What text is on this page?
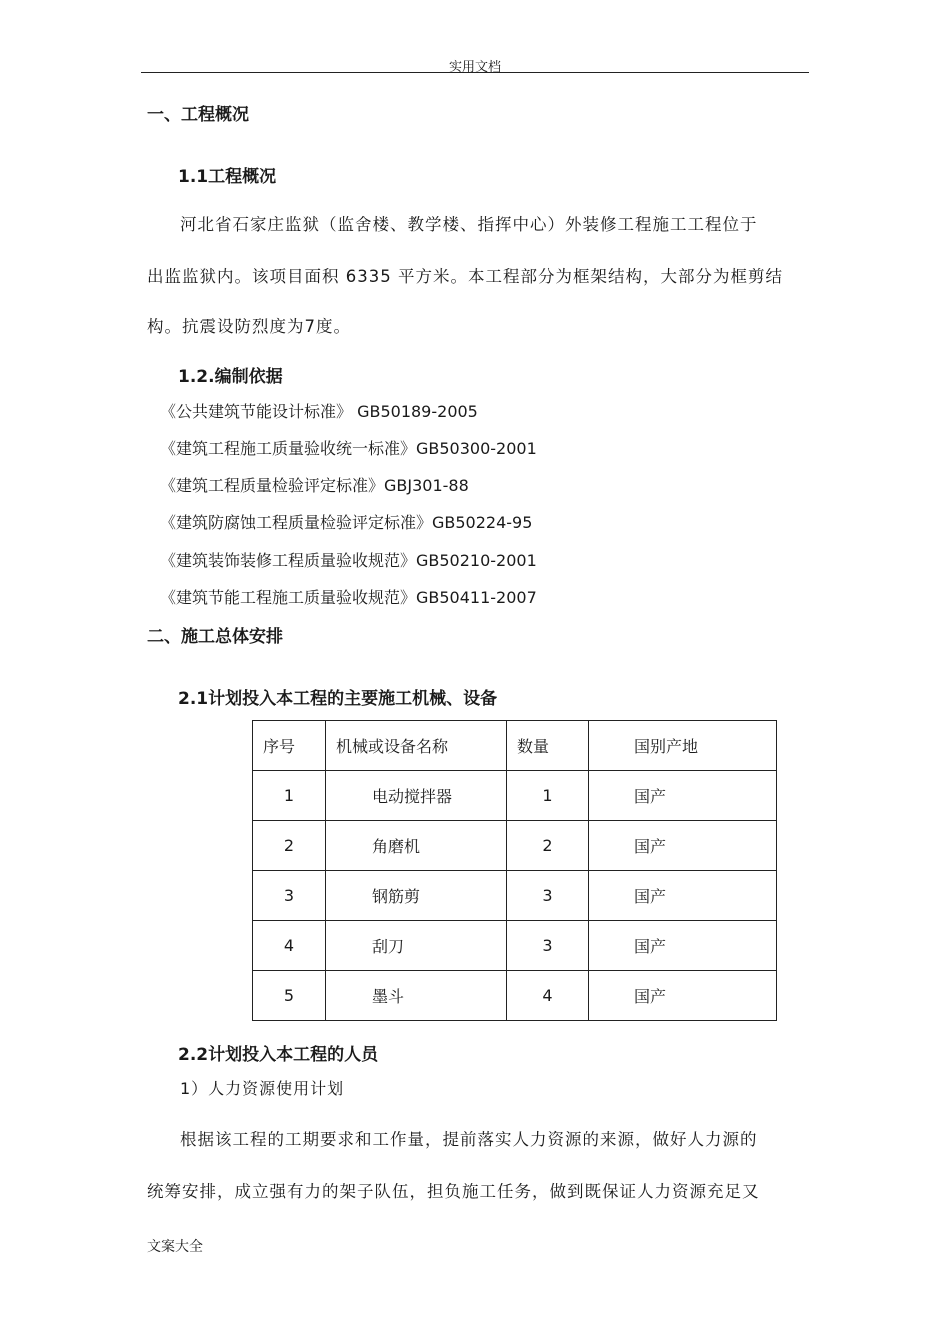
实用文档
一、工程概况
1.1工程概况
河北省石家庄监狱（监舍楼、教学楼、指挥中心）外装修工程施工工程位于
出监监狱内。该项目面积 6335 平方米。本工程部分为框架结构，大部分为框剪结
构。抗震设防烈度为7度。
1.2.编制依据
《公共建筑节能设计标准》 GB50189-2005
《建筑工程施工质量验收统一标准》GB50300-2001
《建筑工程质量检验评定标准》GBJ301-88
《建筑防腐蚀工程质量检验评定标准》GB50224-95
《建筑装饰装修工程质量验收规范》GB50210-2001
《建筑节能工程施工质量验收规范》GB50411-2007
二、施工总体安排
2.1计划投入本工程的主要施工机械、设备
序号	机械或设备名称	数量	国别产地
1	电动搅拌器	1	国产
2	角磨机	2	国产
3	钢筋剪	3	国产
4	刮刀	3	国产
5	墨斗	4	国产
2.2计划投入本工程的人员
1）人力资源使用计划
根据该工程的工期要求和工作量，提前落实人力资源的来源，做好人力源的
统筹安排，成立强有力的架子队伍，担负施工任务，做到既保证人力资源充足又
文案大全
